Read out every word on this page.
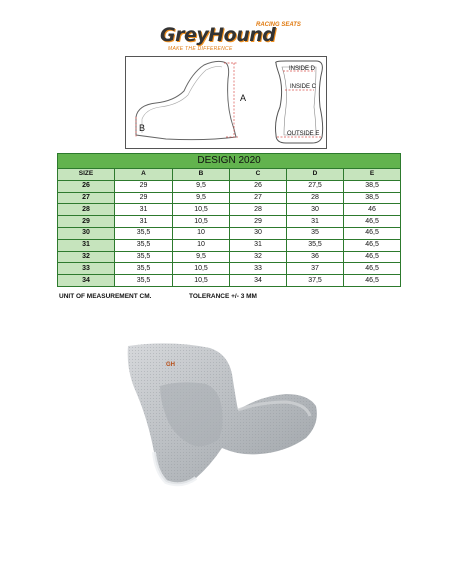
GreyHound
RACING SEATS
MAKE THE DIFFERENCE
A
B
INSIDE D
INSIDE C
OUTSIDE E
DESIGN 2020					
SIZE	A	B	C	D	E
26	29	9,5	26	27,5	38,5
27	29	9,5	27	28	38,5
28	31	10,5	28	30	46
29	31	10,5	29	31	46,5
30	35,5	10	30	35	46,5
31	35,5	10	31	35,5	46,5
32	35,5	9,5	32	36	46,5
33	35,5	10,5	33	37	46,5
34	35,5	10,5	34	37,5	46,5
UNIT OF MEASUREMENT CM.	TOLERANCE +/- 3 MM
GH
